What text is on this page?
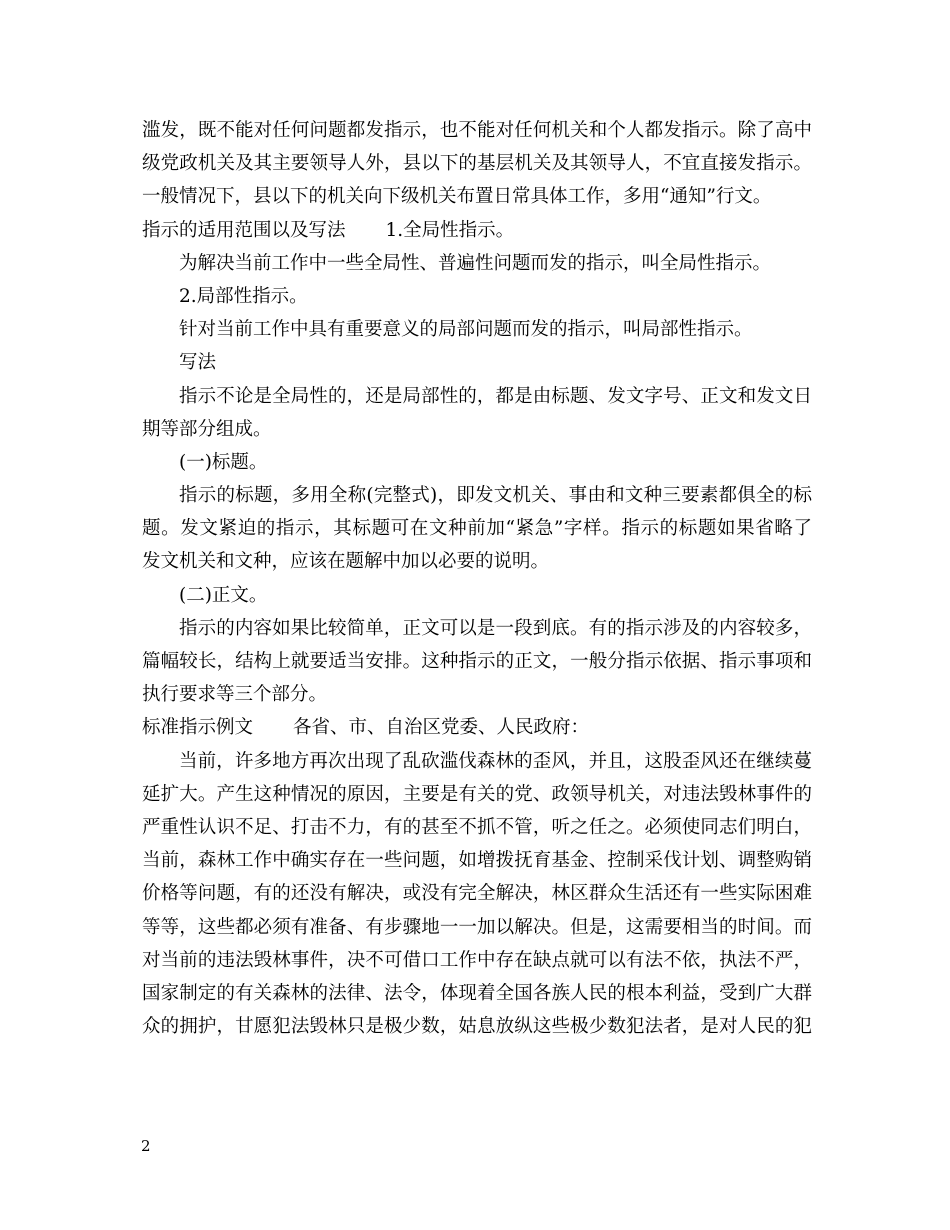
滥发，既不能对任何问题都发指示，也不能对任何机关和个人都发指示。除了高中
级党政机关及其主要领导人外，县以下的基层机关及其领导人，不宜直接发指示。
一般情况下，县以下的机关向下级机关布置日常具体工作，多用“通知”行文。
指示的适用范围以及写法 1.全局性指示。
为解决当前工作中一些全局性、普遍性问题而发的指示，叫全局性指示。
2.局部性指示。
针对当前工作中具有重要意义的局部问题而发的指示，叫局部性指示。
写法
指示不论是全局性的，还是局部性的，都是由标题、发文字号、正文和发文日
期等部分组成。
(一)标题。
指示的标题，多用全称(完整式)，即发文机关、事由和文种三要素都俱全的标
题。发文紧迫的指示，其标题可在文种前加“紧急”字样。指示的标题如果省略了
发文机关和文种，应该在题解中加以必要的说明。
(二)正文。
指示的内容如果比较简单，正文可以是一段到底。有的指示涉及的内容较多，
篇幅较长，结构上就要适当安排。这种指示的正文，一般分指示依据、指示事项和
执行要求等三个部分。
标准指示例文 各省、市、自治区党委、人民政府：
当前，许多地方再次出现了乱砍滥伐森林的歪风，并且，这股歪风还在继续蔓
延扩大。产生这种情况的原因，主要是有关的党、政领导机关，对违法毁林事件的
严重性认识不足、打击不力，有的甚至不抓不管，听之任之。必须使同志们明白，
当前，森林工作中确实存在一些问题，如增拨抚育基金、控制采伐计划、调整购销
价格等问题，有的还没有解决，或没有完全解决，林区群众生活还有一些实际困难
等等，这些都必须有准备、有步骤地一一加以解决。但是，这需要相当的时间。而
对当前的违法毁林事件，决不可借口工作中存在缺点就可以有法不依，执法不严，
国家制定的有关森林的法律、法令，体现着全国各族人民的根本利益，受到广大群
众的拥护，甘愿犯法毁林只是极少数，姑息放纵这些极少数犯法者，是对人民的犯
2
